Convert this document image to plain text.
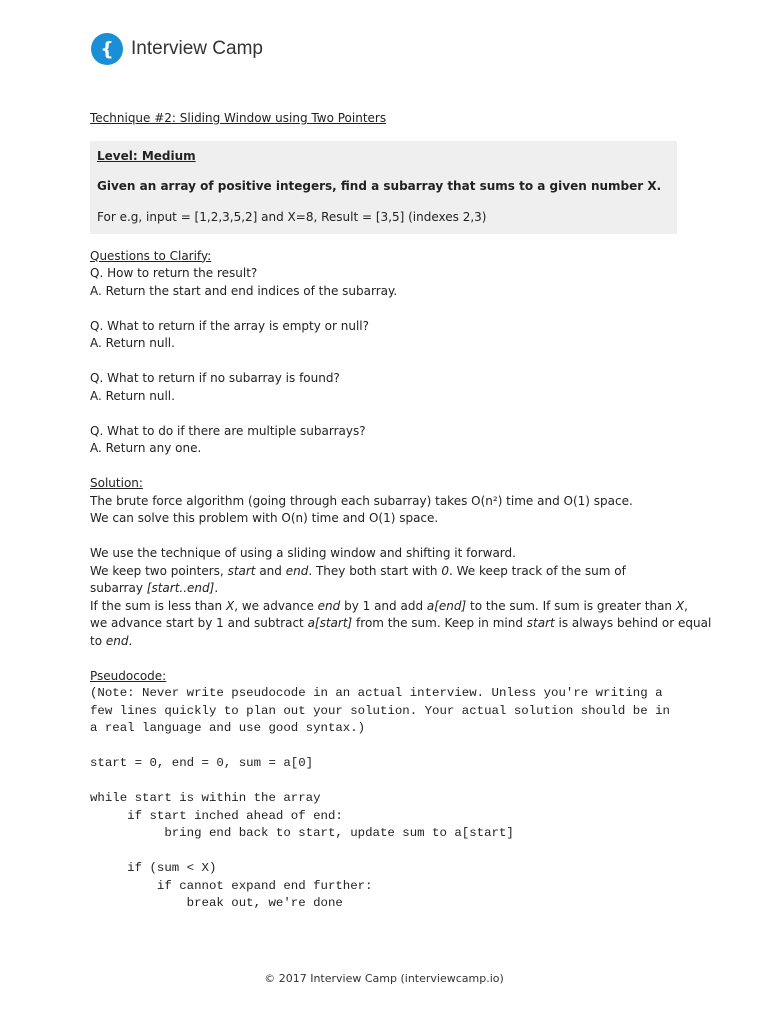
{ Interview Camp
Technique #2: Sliding Window using Two Pointers
Level: Medium
Given an array of positive integers, find a subarray that sums to a given number X.
For e.g, input = [1,2,3,5,2] and X=8, Result = [3,5] (indexes 2,3)
Questions to Clarify:
Q. How to return the result?
A. Return the start and end indices of the subarray.
Q. What to return if the array is empty or null?
A. Return null.
Q. What to return if no subarray is found?
A. Return null.
Q. What to do if there are multiple subarrays?
A. Return any one.
Solution:
The brute force algorithm (going through each subarray) takes O(n²) time and O(1) space.
We can solve this problem with O(n) time and O(1) space.
We use the technique of using a sliding window and shifting it forward.
We keep two pointers, start and end. They both start with 0. We keep track of the sum of
subarray [start..end].
If the sum is less than X, we advance end by 1 and add a[end] to the sum. If sum is greater than X,
we advance start by 1 and subtract a[start] from the sum. Keep in mind start is always behind or equal
to end.
Pseudocode:
(Note: Never write pseudocode in an actual interview. Unless you're writing a
few lines quickly to plan out your solution. Your actual solution should be in
a real language and use good syntax.)

start = 0, end = 0, sum = a[0]

while start is within the array
if start inched ahead of end:
bring end back to start, update sum to a[start]

if (sum < X)
if cannot expand end further:
break out, we're done
© 2017 Interview Camp (interviewcamp.io)
